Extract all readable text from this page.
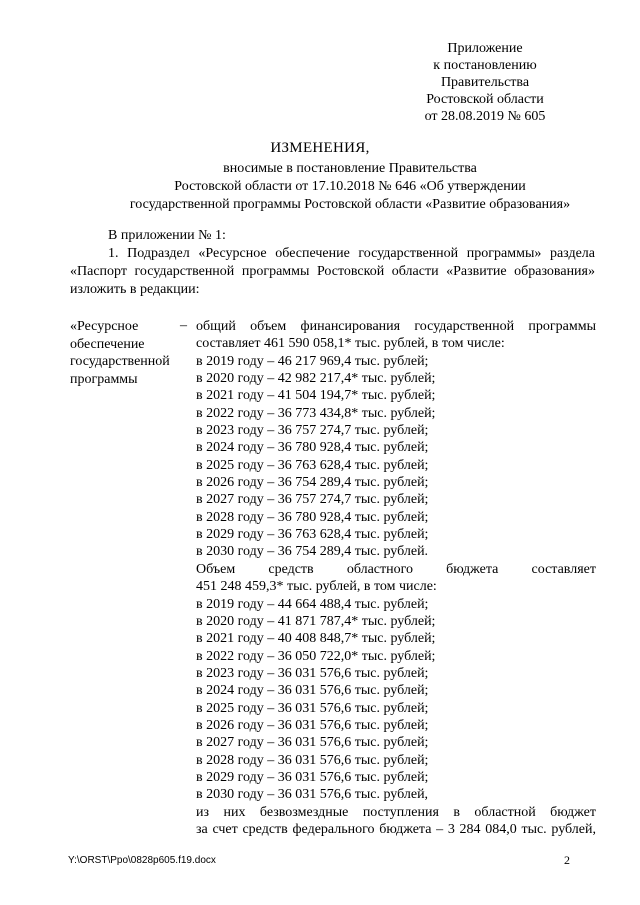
Приложение
к постановлению
Правительства
Ростовской области
от 28.08.2019 № 605
ИЗМЕНЕНИЯ,
вносимые в постановление Правительства
Ростовской области от 17.10.2018 № 646 «Об утверждении
государственной программы Ростовской области «Развитие образования»
В приложении № 1:
1. Подраздел «Ресурсное обеспечение государственной программы» раздела «Паспорт государственной программы Ростовской области «Развитие образования» изложить в редакции:
«Ресурсное
обеспечение
государственной
программы
– общий объем финансирования государственной программы
составляет 461 590 058,1* тыс. рублей, в том числе:
в 2019 году – 46 217 969,4 тыс. рублей;
в 2020 году – 42 982 217,4* тыс. рублей;
в 2021 году – 41 504 194,7* тыс. рублей;
в 2022 году – 36 773 434,8* тыс. рублей;
в 2023 году – 36 757 274,7 тыс. рублей;
в 2024 году – 36 780 928,4 тыс. рублей;
в 2025 году – 36 763 628,4 тыс. рублей;
в 2026 году – 36 754 289,4 тыс. рублей;
в 2027 году – 36 757 274,7 тыс. рублей;
в 2028 году – 36 780 928,4 тыс. рублей;
в 2029 году – 36 763 628,4 тыс. рублей;
в 2030 году – 36 754 289,4 тыс. рублей.
Объем средств областного бюджета составляет
451 248 459,3* тыс. рублей, в том числе:
в 2019 году – 44 664 488,4 тыс. рублей;
в 2020 году – 41 871 787,4* тыс. рублей;
в 2021 году – 40 408 848,7* тыс. рублей;
в 2022 году – 36 050 722,0* тыс. рублей;
в 2023 году – 36 031 576,6 тыс. рублей;
в 2024 году – 36 031 576,6 тыс. рублей;
в 2025 году – 36 031 576,6 тыс. рублей;
в 2026 году – 36 031 576,6 тыс. рублей;
в 2027 году – 36 031 576,6 тыс. рублей;
в 2028 году – 36 031 576,6 тыс. рублей;
в 2029 году – 36 031 576,6 тыс. рублей;
в 2030 году – 36 031 576,6 тыс. рублей,
из них безвозмездные поступления в областной бюджет
за счет средств федерального бюджета – 3 284 084,0 тыс. рублей,
Y:\ORST\Ppo\0828p605.f19.docx	2
